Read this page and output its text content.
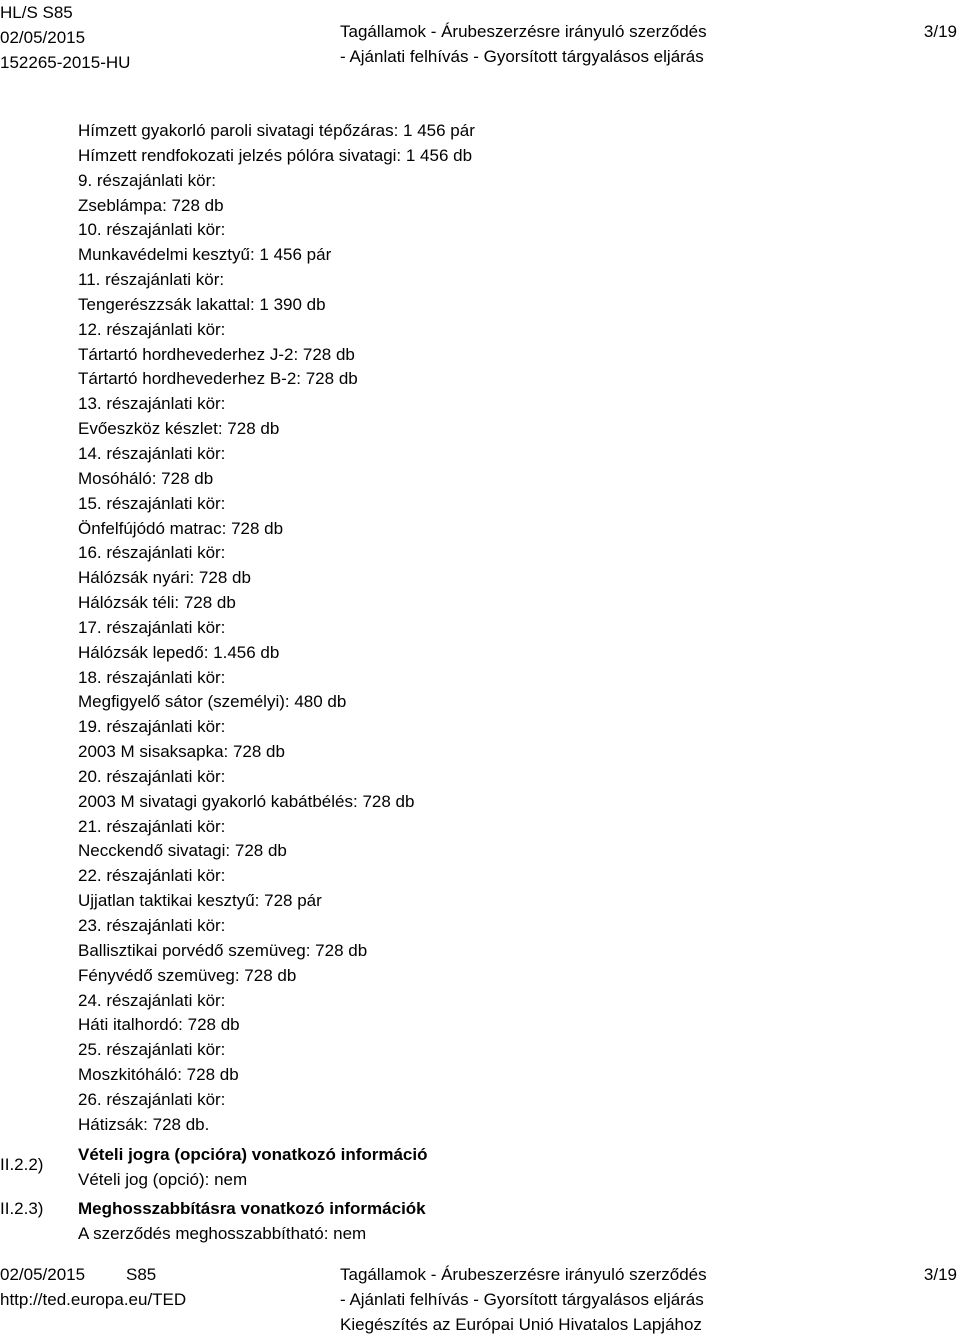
HL/S S85
02/05/2015
152265-2015-HU
Tagállamok - Árubeszerzésre irányuló szerződés
- Ajánlati felhívás - Gyorsított tárgyalásos eljárás
3/19
Hímzett gyakorló paroli sivatagi tépőzáras: 1 456 pár
Hímzett rendfokozati jelzés pólóra sivatagi: 1 456 db
9. részajánlati kör:
Zseblámpa: 728 db
10. részajánlati kör:
Munkavédelmi kesztyű: 1 456 pár
11. részajánlati kör:
Tengerészzsák lakattal: 1 390 db
12. részajánlati kör:
Tártartó hordhevederhez J-2: 728 db
Tártartó hordhevederhez B-2: 728 db
13. részajánlati kör:
Evőeszköz készlet: 728 db
14. részajánlati kör:
Mosóháló: 728 db
15. részajánlati kör:
Önfelfújódó matrac: 728 db
16. részajánlati kör:
Hálózsák nyári: 728 db
Hálózsák téli: 728 db
17. részajánlati kör:
Hálózsák lepedő: 1.456 db
18. részajánlati kör:
Megfigyelő sátor (személyi): 480 db
19. részajánlati kör:
2003 M sisaksapka: 728 db
20. részajánlati kör:
2003 M sivatagi gyakorló kabátbélés: 728 db
21. részajánlati kör:
Necckendő sivatagi: 728 db
22. részajánlati kör:
Ujjatlan taktikai kesztyű: 728 pár
23. részajánlati kör:
Ballisztikai porvédő szemüveg: 728 db
Fényvédő szemüveg: 728 db
24. részajánlati kör:
Háti italhordó: 728 db
25. részajánlati kör:
Moszkitóháló: 728 db
26. részajánlati kör:
Hátizsák: 728 db.
II.2.2)
Vételi jogra (opcióra) vonatkozó információ
Vételi jog (opció): nem
II.2.3) Meghosszabbításra vonatkozó információk
A szerződés meghosszabbítható: nem
02/05/2015 S85
http://ted.europa.eu/TED
Tagállamok - Árubeszerzésre irányuló szerződés
- Ajánlati felhívás - Gyorsított tárgyalásos eljárás
Kiegészítés az Európai Unió Hivatalos Lapjához
3/19
